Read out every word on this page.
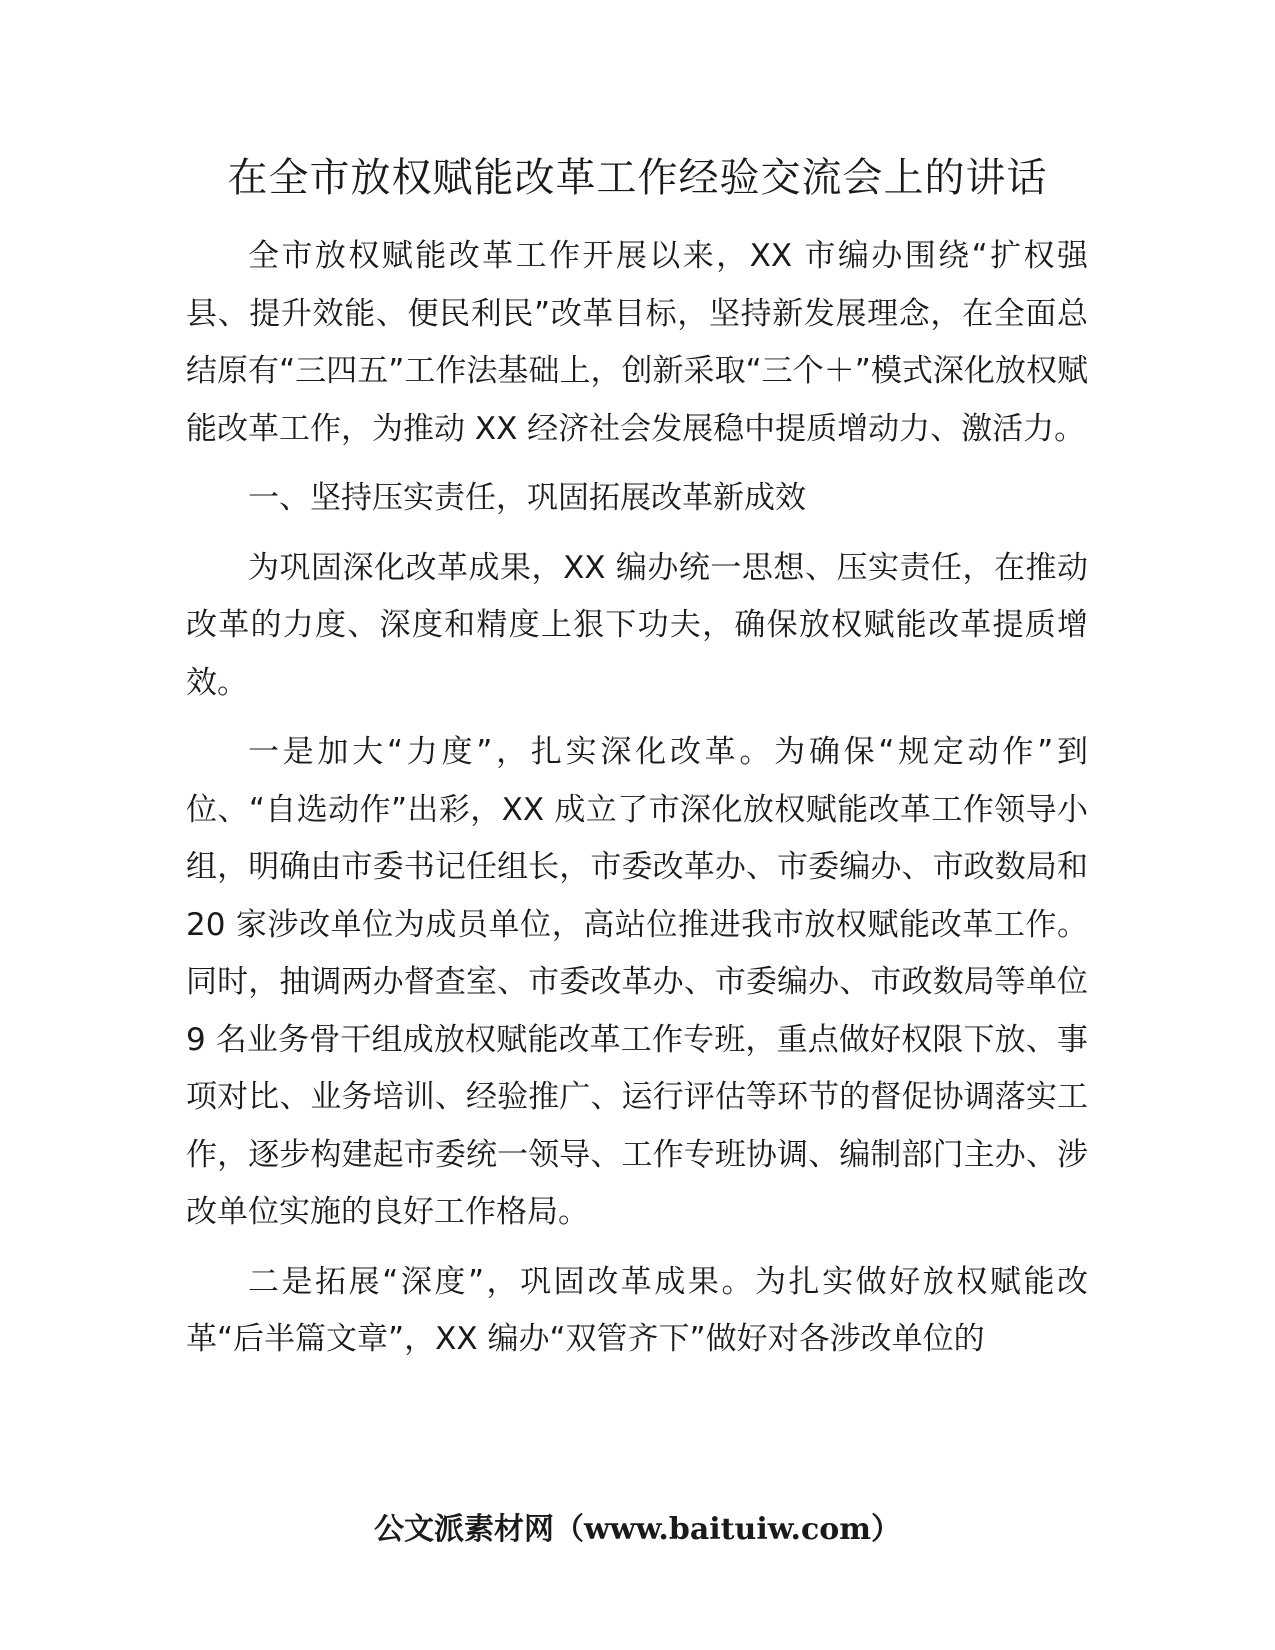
在全市放权赋能改革工作经验交流会上的讲话

全市放权赋能改革工作开展以来，XX 市编办围绕“扩权强县、提升效能、便民利民”改革目标，坚持新发展理念，在全面总结原有“三四五”工作法基础上，创新采取“三个＋”模式深化放权赋能改革工作，为推动 XX 经济社会发展稳中提质增动力、激活力。

一、坚持压实责任，巩固拓展改革新成效

为巩固深化改革成果，XX 编办统一思想、压实责任，在推动改革的力度、深度和精度上狠下功夫，确保放权赋能改革提质增效。

一是加大“力度”，扎实深化改革。为确保“规定动作”到位、“自选动作”出彩，XX 成立了市深化放权赋能改革工作领导小组，明确由市委书记任组长，市委改革办、市委编办、市政数局和 20 家涉改单位为成员单位，高站位推进我市放权赋能改革工作。同时，抽调两办督查室、市委改革办、市委编办、市政数局等单位 9 名业务骨干组成放权赋能改革工作专班，重点做好权限下放、事项对比、业务培训、经验推广、运行评估等环节的督促协调落实工作，逐步构建起市委统一领导、工作专班协调、编制部门主办、涉改单位实施的良好工作格局。

二是拓展“深度”，巩固改革成果。为扎实做好放权赋能改革“后半篇文章”，XX 编办“双管齐下”做好对各涉改单位的

公文派素材网（www.baituiw.com）
